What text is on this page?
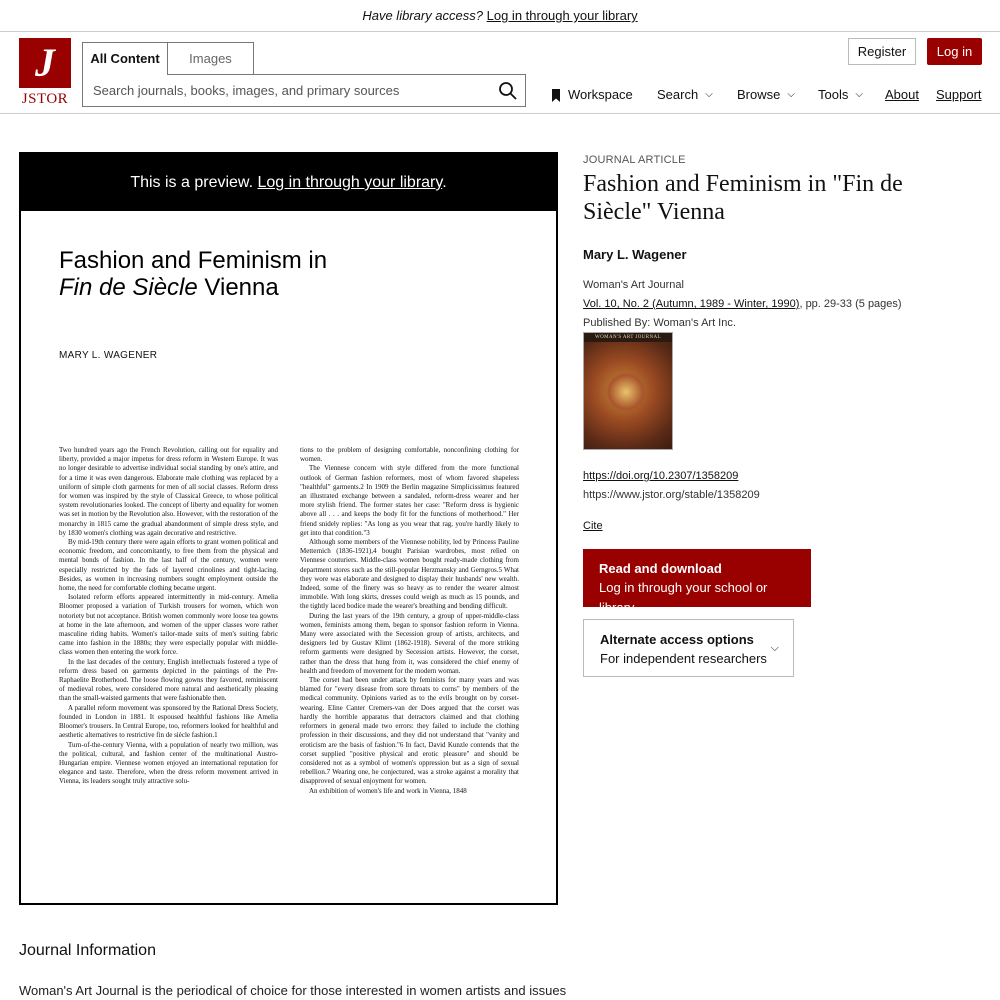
Have library access? Log in through your library
J
JSTOR
All Content	Images
Search journals, books, images, and primary sources	Register	Log in
Workspace Search ⌵ Browse ⌵ Tools ⌵ About Support
This is a preview. Log in through your library.
Fashion and Feminism in
Fin de Siècle Vienna
MARY L. WAGENER

Two hundred years ago the French Revolution, calling out for equality and liberty, provided a major impetus for dress reform in Western Europe. It was no longer desirable to advertise individual social standing by one's attire, and for a time it was even dangerous. Elaborate male clothing was replaced by a uniform of simple cloth garments for men of all social classes. Reform dress for women was inspired by the style of Classical Greece, to whose political system revolutionaries looked. The concept of liberty and equality for women was set in motion by the Revolution also. However, with the restoration of the monarchy in 1815 came the gradual abandonment of simple dress style, and by 1830 women's clothing was again decorative and restrictive.

By mid-19th century there were again efforts to grant women political and economic freedom, and concomitantly, to free them from the physical and mental bonds of fashion. In the last half of the century, women were especially restricted by the fads of layered crinolines and tight-lacing. Besides, as women in increasing numbers sought employment outside the home, the need for comfortable clothing became urgent.

Isolated reform efforts appeared intermittently in mid-century. Amelia Bloomer proposed a variation of Turkish trousers for women, which won notoriety but not acceptance. British women commonly wore loose tea gowns at home in the late afternoon, and women of the upper classes wore rather masculine riding habits. Women's tailor-made suits of men's suiting fabric came into fashion in the 1880s; they were especially popular with middle-class women then entering the work force.

In the last decades of the century, English intellectuals fostered a type of reform dress based on garments depicted in the paintings of the Pre-Raphaelite Brotherhood. The loose flowing gowns they favored, reminiscent of medieval robes, were considered more natural and aesthetically pleasing than the small-waisted garments that were fashionable then.

A parallel reform movement was sponsored by the Rational Dress Society, founded in London in 1881. It espoused healthful fashions like Amelia Bloomer's trousers. In Central Europe, too, reformers looked for healthful and aesthetic alternatives to restrictive fin de siècle fashion.1

Turn-of-the-century Vienna, with a population of nearly two million, was the political, cultural, and fashion center of the multinational Austro-Hungarian empire. Viennese women enjoyed an international reputation for elegance and taste. Therefore, when the dress reform movement arrived in Vienna, its leaders sought truly attractive solu-

tions to the problem of designing comfortable, nonconfining clothing for women.

The Viennese concern with style differed from the more functional outlook of German fashion reformers, most of whom favored shapeless "healthful" garments.2 In 1909 the Berlin magazine Simplicissimus featured an illustrated exchange between a sandaled, reform-dress wearer and her more stylish friend. The former states her case: "Reform dress is hygienic above all . . . and keeps the body fit for the functions of motherhood." Her friend snidely replies: "As long as you wear that rag, you're hardly likely to get into that condition."3

Although some members of the Viennese nobility, led by Princess Pauline Metternich (1836-1921),4 bought Parisian wardrobes, most relied on Viennese couturiers. Middle-class women bought ready-made clothing from department stores such as the still-popular Herzmansky and Gerngros.5 What they wore was elaborate and designed to display their husbands' new wealth. Indeed, some of the finery was so heavy as to render the wearer almost immobile. With long skirts, dresses could weigh as much as 15 pounds, and the tightly laced bodice made the wearer's breathing and bending difficult.

During the last years of the 19th century, a group of upper-middle-class women, feminists among them, began to sponsor fashion reform in Vienna. Many were associated with the Secession group of artists, architects, and designers led by Gustav Klimt (1862-1918). Several of the more striking reform garments were designed by Secession artists. However, the corset, rather than the dress that hung from it, was considered the chief enemy of health and freedom of movement for the modern woman.

The corset had been under attack by feminists for many years and was blamed for "every disease from sore throats to corns" by members of the medical community. Opinions varied as to the evils brought on by corset-wearing. Eline Canter Cremers-van der Does argued that the corset was hardly the horrible apparatus that detractors claimed and that clothing reformers in general made two errors: they failed to include the clothing profession in their discussions, and they did not understand that "vanity and eroticism are the basis of fashion."6 In fact, David Kunzle contends that the corset supplied "positive physical and erotic pleasure" and should be considered not as a symbol of women's oppression but as a sign of sexual rebellion.7 Wearing one, he conjectured, was a stroke against a morality that disapproved of sexual enjoyment for women.

An exhibition of women's life and work in Vienna, 1848

JOURNAL ARTICLE
Fashion and Feminism in "Fin de Siècle" Vienna
Mary L. Wagener
Woman's Art Journal
Vol. 10, No. 2 (Autumn, 1989 - Winter, 1990), pp. 29-33 (5 pages)
Published By: Woman's Art Inc.
WOMAN'S ART JOURNAL
https://doi.org/10.2307/1358209
https://www.jstor.org/stable/1358209
Cite
Read and download
Log in through your school or library
Alternate access options
For independent researchers
⌵
Journal Information
Woman's Art Journal is the periodical of choice for those interested in women artists and issues
